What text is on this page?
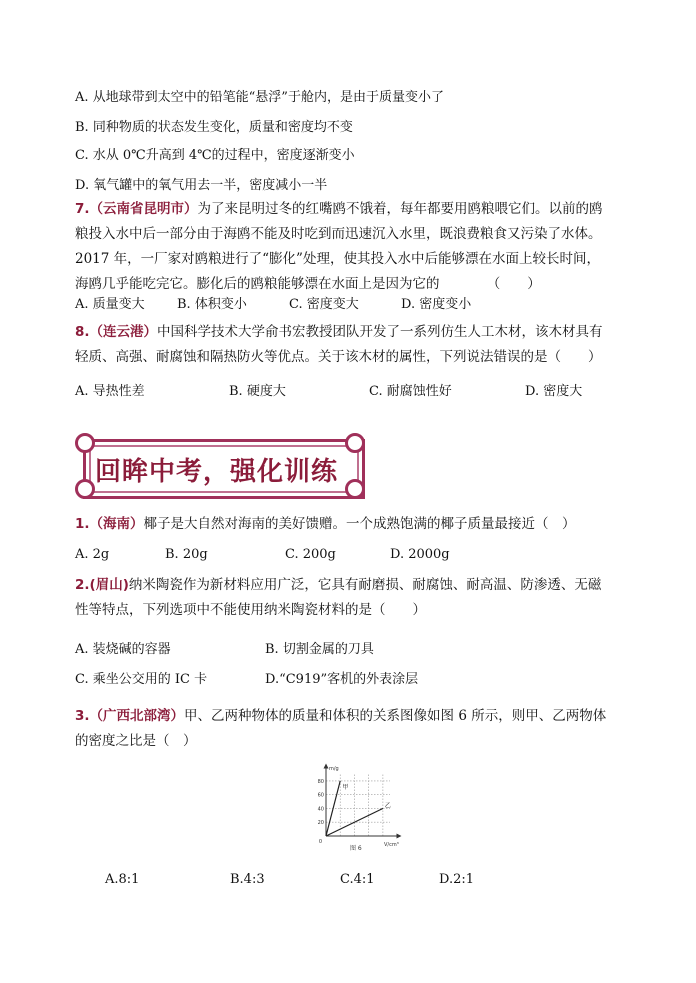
A. 从地球带到太空中的铅笔能“悬浮”于舱内，是由于质量变小了
B. 同种物质的状态发生变化，质量和密度均不变
C. 水从 0℃升高到 4℃的过程中，密度逐渐变小
D. 氧气罐中的氧气用去一半，密度减小一半
7.（云南省昆明市）为了来昆明过冬的红嘴鸥不饿着，每年都要用鸥粮喂它们。以前的鸥
粮投入水中后一部分由于海鸥不能及时吃到而迅速沉入水里，既浪费粮食又污染了水体。
2017 年，一厂家对鸥粮进行了“膨化”处理，使其投入水中后能够漂在水面上较长时间，
海鸥几乎能吃完它。膨化后的鸥粮能够漂在水面上是因为它的　　　　（　　）
A. 质量变大 B. 体积变小	C. 密度变大	D. 密度变小
8.（连云港）中国科学技术大学俞书宏教授团队开发了一系列仿生人工木材，该木材具有
轻质、高强、耐腐蚀和隔热防火等优点。关于该木材的属性，下列说法错误的是（　　）
A. 导热性差	B. 硬度大	C. 耐腐蚀性好	D. 密度大
回眸中考，强化训练
1.（海南）椰子是大自然对海南的美好馈赠。一个成熟饱满的椰子质量最接近（　）
A. 2g	B. 20g	C. 200g	D. 2000g
2.(眉山)纳米陶瓷作为新材料应用广泛，它具有耐磨损、耐腐蚀、耐高温、防渗透、无磁
性等特点，下列选项中不能使用纳米陶瓷材料的是（　　）
A. 装烧碱的容器	B. 切割金属的刀具
C. 乘坐公交用的 IC 卡	D.“C919”客机的外表涂层
3.（广西北部湾）甲、乙两种物体的质量和体积的关系图像如图 6 所示，则甲、乙两物体
的密度之比是（　）
m/g
V/cm³
80
60
40
20
0
甲
乙
图 6
A.8:1	B.4:3	C.4:1	D.2:1
